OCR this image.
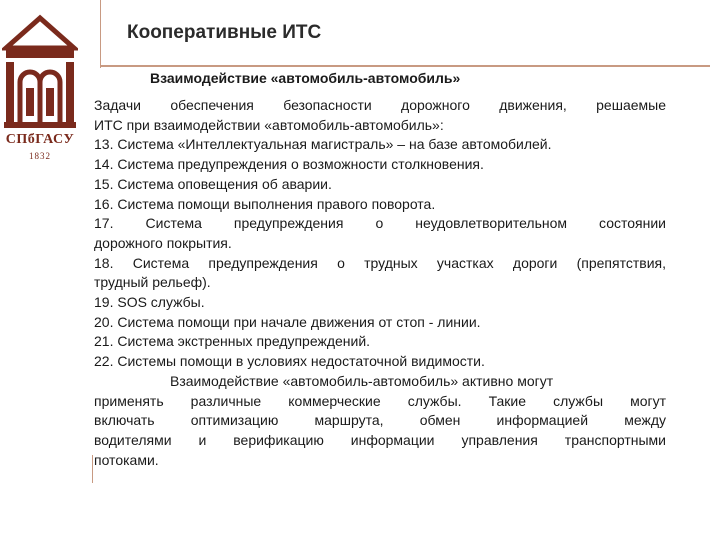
СПбГАСУ
1832
Кооперативные ИТС
Взаимодействие «автомобиль-автомобиль»

Задачи обеспечения безопасности дорожного движения, решаемые

ИТС при взаимодействии «автомобиль-автомобиль»:

13. Система «Интеллектуальная магистраль» – на базе автомобилей.

14. Система предупреждения о возможности столкновения.

15. Система оповещения об аварии.

16. Система помощи выполнения правого поворота.

17. Система предупреждения о неудовлетворительном состоянии

дорожного покрытия.

18. Система предупреждения о трудных участках дороги (препятствия,

трудный рельеф).

19. SOS службы.

20. Система помощи при начале движения от стоп - линии.

21. Система экстренных предупреждений.

22. Системы помощи в условиях недостаточной видимости.

Взаимодействие «автомобиль-автомобиль» активно могут

применять различные коммерческие службы. Такие службы могут

включать оптимизацию маршрута, обмен информацией между

водителями и верификацию информации управления транспортными

потоками.
